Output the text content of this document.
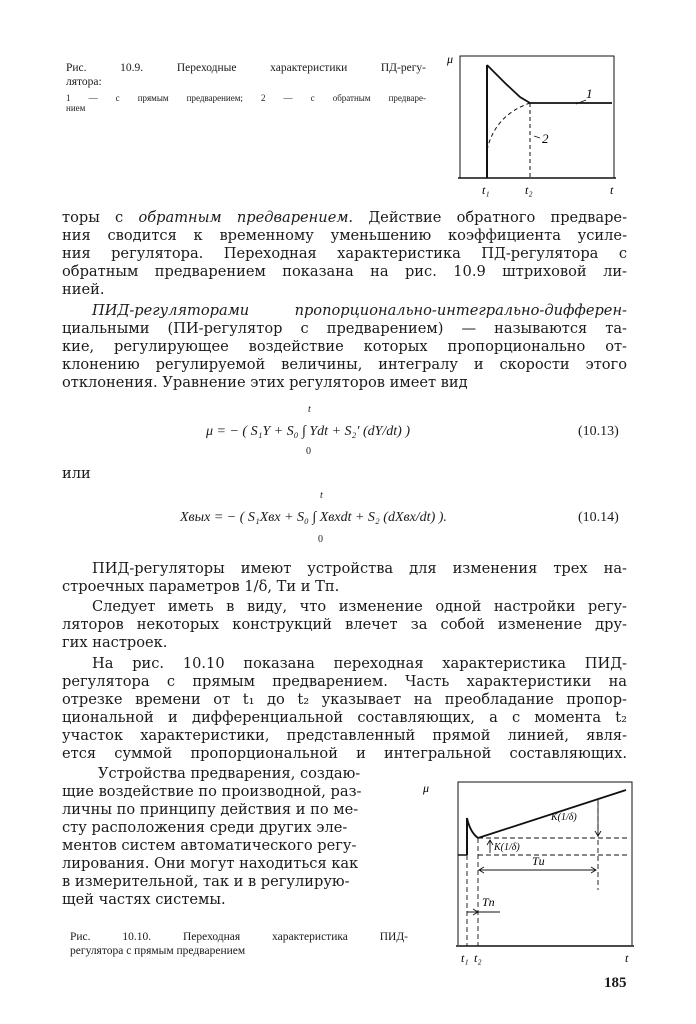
Рис. 10.9. Переходные характеристики ПД-регу-
лятора:
1 — с прямым предварением; 2 — с обратным предваре-
нием
μ
t₁	t₂	t
1
2
μ
K(1/δ)
K(1/δ)
Tи
Tп
t₁ t₂	t
торы с обратным предварением. Действие обратного предваре-
ния сводится к временному уменьшению коэффициента усиле-
ния регулятора. Переходная характеристика ПД-регулятора с
обратным предварением показана на рис. 10.9 штриховой ли-
нией.
ПИД-регуляторами пропорционально-интегрально-дифферен-
циальными (ПИ-регулятор с предварением) — называются та-
кие, регулирующее воздействие которых пропорционально от-
клонению регулируемой величины, интегралу и скорости этого
отклонения. Уравнение этих регуляторов имеет вид
μ = − ( S₁Y + S₀ ∫ Ydt + S₂′ (dY/dt) )
t
0
(10.13)
или
Xвых = − ( S₁Xвх + S₀ ∫ Xвхdt + S₂ (dXвх/dt) ).
t
0
(10.14)
ПИД-регуляторы имеют устройства для изменения трех на-
строечных параметров 1/δ, Tи и Tп.
Следует иметь в виду, что изменение одной настройки регу-
ляторов некоторых конструкций влечет за собой изменение дру-
гих настроек.
На рис. 10.10 показана переходная характеристика ПИД-
регулятора с прямым предварением. Часть характеристики на
отрезке времени от t₁ до t₂ указывает на преобладание пропор-
циональной и дифференциальной составляющих, а с момента t₂
участок характеристики, представленный прямой линией, явля-
ется суммой пропорциональной и интегральной составляющих.
Устройства предварения, создаю-
щие воздействие по производной, раз-
личны по принципу действия и по ме-
сту расположения среди других эле-
ментов систем автоматического регу-
лирования. Они могут находиться как
в измерительной, так и в регулирую-
щей частях системы.
Рис. 10.10. Переходная характеристика ПИД-
регулятора с прямым предварением
185
